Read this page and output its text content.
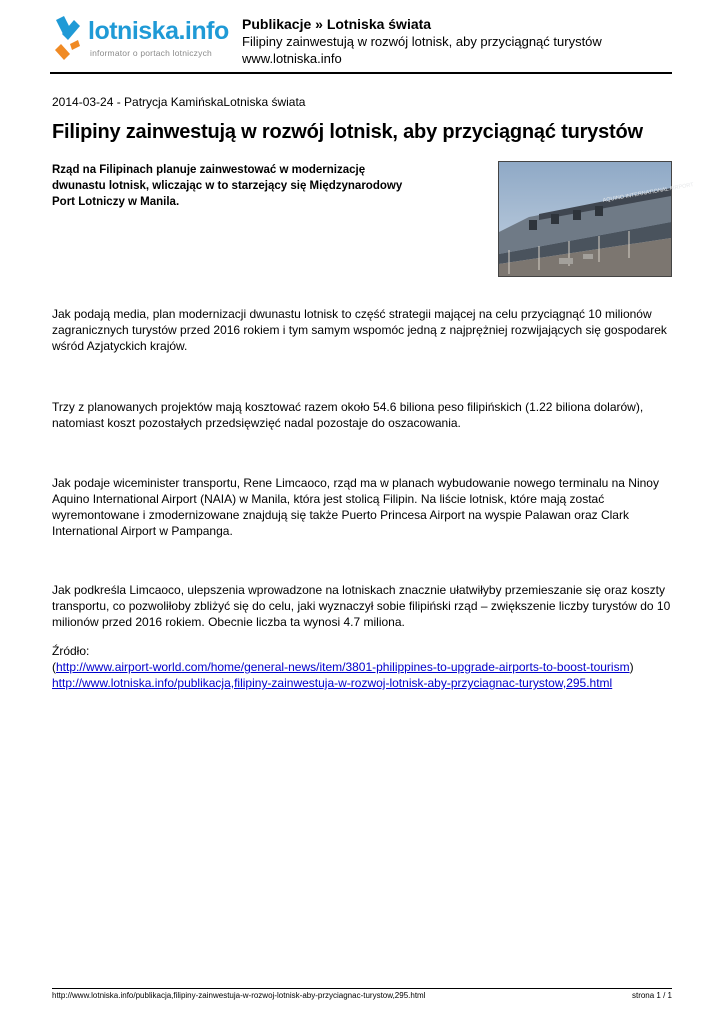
lotniska.info
informator o portach lotniczych
Publikacje » Lotniska świata
Filipiny zainwestują w rozwój lotnisk, aby przyciągnąć turystów
www.lotniska.info
2014-03-24 - Patrycja KamińskaLotniska świata
Filipiny zainwestują w rozwój lotnisk, aby przyciągnąć turystów

Rząd na Filipinach planuje zainwestować w modernizację dwunastu lotnisk, wliczając w to starzejący się Międzynarodowy Port Lotniczy w Manila.	AQUINO INTERNATIONAL AIRPORT

Jak podają media, plan modernizacji dwunastu lotnisk to część strategii mającej na celu przyciągnąć 10 milionów zagranicznych turystów przed 2016 rokiem i tym samym wspomóc jedną z najprężniej rozwijających się gospodarek wśród Azjatyckich krajów.

Trzy z planowanych projektów mają kosztować razem około 54.6 biliona peso filipińskich (1.22 biliona dolarów), natomiast koszt pozostałych przedsięwzięć nadal pozostaje do oszacowania.

Jak podaje wiceminister transportu, Rene Limcaoco, rząd ma w planach wybudowanie nowego terminalu na Ninoy Aquino International Airport (NAIA) w Manila, która jest stolicą Filipin. Na liście lotnisk, które mają zostać wyremontowane i zmodernizowane znajdują się także Puerto Princesa Airport na wyspie Palawan oraz Clark International Airport w Pampanga.

Jak podkreśla Limcaoco, ulepszenia wprowadzone na lotniskach znacznie ułatwiłyby przemieszanie się oraz koszty transportu, co pozwoliłoby zbliżyć się do celu, jaki wyznaczył sobie filipiński rząd – zwiększenie liczby turystów do 10 milionów przed 2016 rokiem. Obecnie liczba ta wynosi 4.7 miliona.

Źródło:
(http://www.airport-world.com/home/general-news/item/3801-philippines-to-upgrade-airports-to-boost-tourism)
http://www.lotniska.info/publikacja,filipiny-zainwestuja-w-rozwoj-lotnisk-aby-przyciagnac-turystow,295.html
http://www.lotniska.info/publikacja,filipiny-zainwestuja-w-rozwoj-lotnisk-aby-przyciagnac-turystow,295.html	strona 1 / 1
